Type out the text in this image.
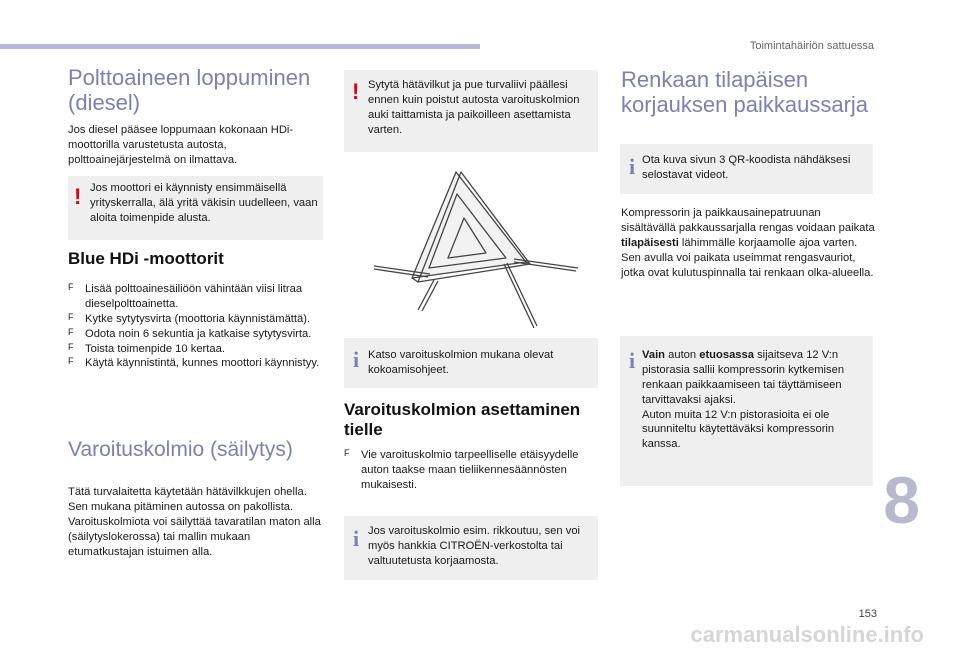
Toimintahäiriön sattuessa
Polttoaineen loppuminen (diesel)
Jos diesel pääsee loppumaan kokonaan HDi-moottorilla varustetusta autosta, polttoainejärjestelmä on ilmattava.
! Jos moottori ei käynnisty ensimmäisellä yrityskerralla, älä yritä väkisin uudelleen, vaan aloita toimenpide alusta.
Blue HDi -moottorit
F Lisää polttoainesäiliöön vähintään viisi litraa dieselpolttoainetta.
F Kytke sytytysvirta (moottoria käynnistämättä).
F Odota noin 6 sekuntia ja katkaise sytytysvirta.
F Toista toimenpide 10 kertaa.
F Käytä käynnistintä, kunnes moottori käynnistyy.
Varoituskolmio (säilytys)
Tätä turvalaitetta käytetään hätävilkkujen ohella.
Sen mukana pitäminen autossa on pakollista.
Varoituskolmiota voi säilyttää tavaratilan maton alla (säilytyslokerossa) tai mallin mukaan etumatkustajan istuimen alla.
! Sytytä hätävilkut ja pue turvaliivi päällesi ennen kuin poistut autosta varoituskolmion auki taittamista ja paikoilleen asettamista varten.
i Katso varoituskolmion mukana olevat kokoamisohjeet.
Varoituskolmion asettaminen tielle
F Vie varoituskolmio tarpeelliselle etäisyydelle auton taakse maan tieliikennesäännösten mukaisesti.
i Jos varoituskolmio esim. rikkoutuu, sen voi myös hankkia CITROËN-verkostolta tai valtuutetusta korjaamosta.
Renkaan tilapäisen korjauksen paikkaussarja
i Ota kuva sivun 3 QR-koodista nähdäksesi selostavat videot.
Kompressorin ja paikkausainepatruunan sisältävällä pakkaussarjalla rengas voidaan paikata tilapäisesti lähimmälle korjaamolle ajoa varten.
Sen avulla voi paikata useimmat rengasvauriot, jotka ovat kulutuspinnalla tai renkaan olka-alueella.
i Vain auton etuosassa sijaitseva 12 V:n pistorasia sallii kompressorin kytkemisen renkaan paikkaamiseen tai täyttämiseen tarvittavaksi ajaksi.
Auton muita 12 V:n pistorasioita ei ole suunniteltu käytettäväksi kompressorin kanssa.
8
153
carmanualsonline.info
